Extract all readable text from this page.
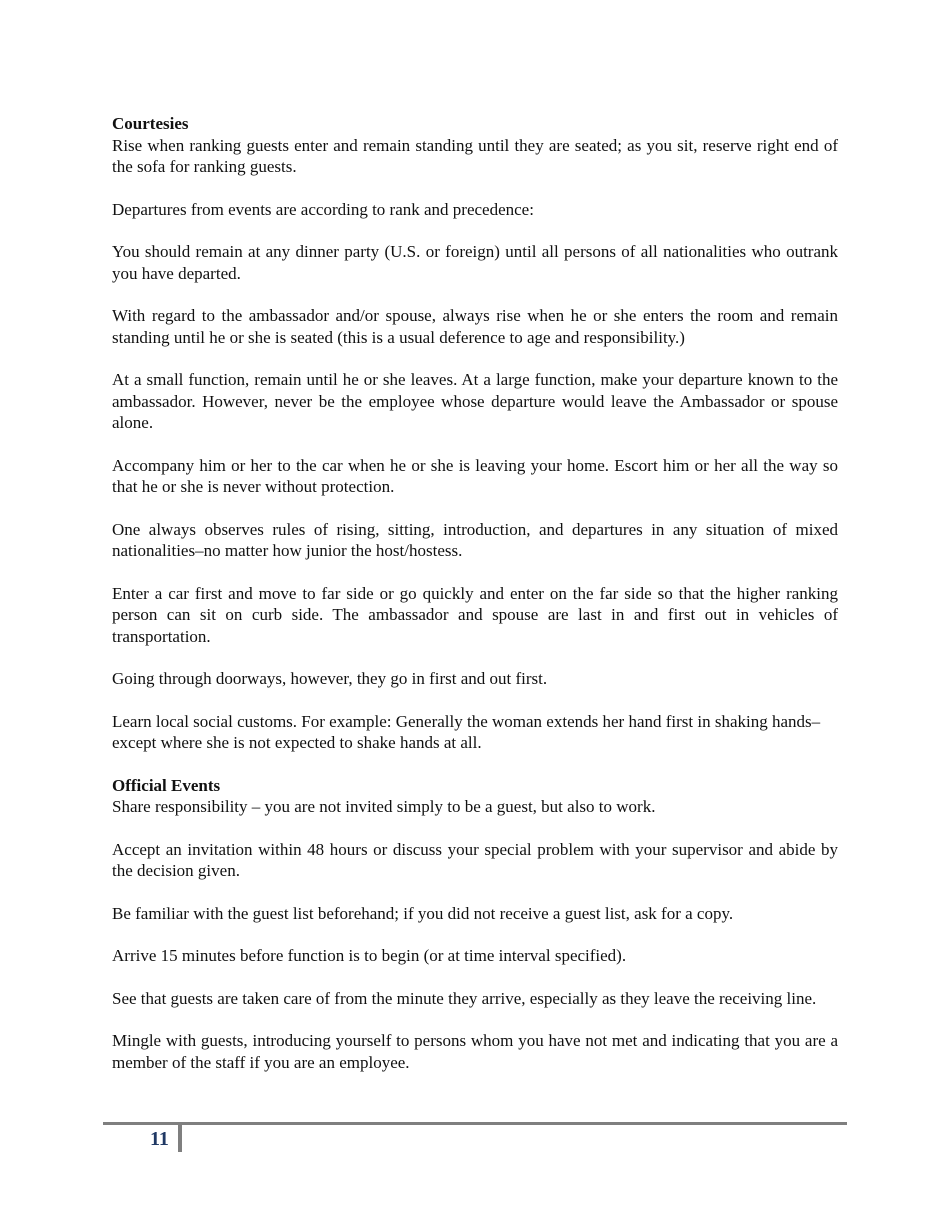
Courtesies

Rise when ranking guests enter and remain standing until they are seated; as you sit, reserve right end of the sofa for ranking guests.

Departures from events are according to rank and precedence:

You should remain at any dinner party (U.S. or foreign) until all persons of all nationalities who outrank you have departed.

With regard to the ambassador and/or spouse, always rise when he or she enters the room and remain standing until he or she is seated (this is a usual deference to age and responsibility.)

At a small function, remain until he or she leaves. At a large function, make your departure known to the ambassador. However, never be the employee whose departure would leave the Ambassador or spouse alone.

Accompany him or her to the car when he or she is leaving your home. Escort him or her all the way so that he or she is never without protection.

One always observes rules of rising, sitting, introduction, and departures in any situation of mixed nationalities–no matter how junior the host/hostess.

Enter a car first and move to far side or go quickly and enter on the far side so that the higher ranking person can sit on curb side. The ambassador and spouse are last in and first out in vehicles of transportation.

Going through doorways, however, they go in first and out first.

Learn local social customs. For example: Generally the woman extends her hand first in shaking hands–except where she is not expected to shake hands at all.

Official Events

Share responsibility – you are not invited simply to be a guest, but also to work.

Accept an invitation within 48 hours or discuss your special problem with your supervisor and abide by the decision given.

Be familiar with the guest list beforehand; if you did not receive a guest list, ask for a copy.

Arrive 15 minutes before function is to begin (or at time interval specified).

See that guests are taken care of from the minute they arrive, especially as they leave the receiving line.

Mingle with guests, introducing yourself to persons whom you have not met and indicating that you are a member of the staff if you are an employee.

11
